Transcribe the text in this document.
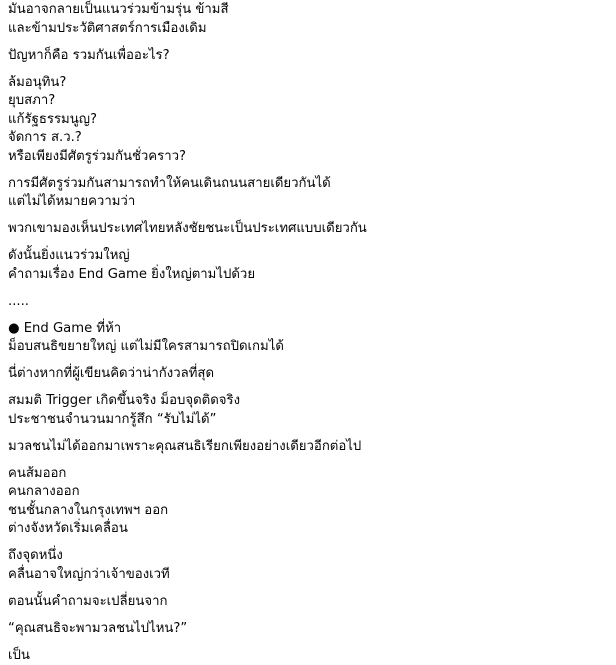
มันอาจกลายเป็นแนวร่วมข้ามรุ่น ข้ามสี
และข้ามประวัติศาสตร์การเมืองเดิม
ปัญหาก็คือ รวมกันเพื่ออะไร?
ล้มอนุทิน?
ยุบสภา?
แก้รัฐธรรมนูญ?
จัดการ ส.ว.?
หรือเพียงมีศัตรูร่วมกันชั่วคราว?
การมีศัตรูร่วมกันสามารถทำให้คนเดินถนนสายเดียวกันได้
แต่ไม่ได้หมายความว่า
พวกเขามองเห็นประเทศไทยหลังชัยชนะเป็นประเทศแบบเดียวกัน
ดังนั้นยิ่งแนวร่วมใหญ่
คำถามเรื่อง End Game ยิ่งใหญ่ตามไปด้วย
.....
● End Game ที่ห้า
ม็อบสนธิขยายใหญ่ แต่ไม่มีใครสามารถปิดเกมได้
นี่ต่างหากที่ผู้เขียนคิดว่าน่ากังวลที่สุด
สมมติ Trigger เกิดขึ้นจริง ม็อบจุดติดจริง
ประชาชนจำนวนมากรู้สึก “รับไม่ได้”
มวลชนไม่ได้ออกมาเพราะคุณสนธิเรียกเพียงอย่างเดียวอีกต่อไป
คนส้มออก
คนกลางออก
ชนชั้นกลางในกรุงเทพฯ ออก
ต่างจังหวัดเริ่มเคลื่อน
ถึงจุดหนึ่ง
คลื่นอาจใหญ่กว่าเจ้าของเวที
ตอนนั้นคำถามจะเปลี่ยนจาก
“คุณสนธิจะพามวลชนไปไหน?”
เป็น
